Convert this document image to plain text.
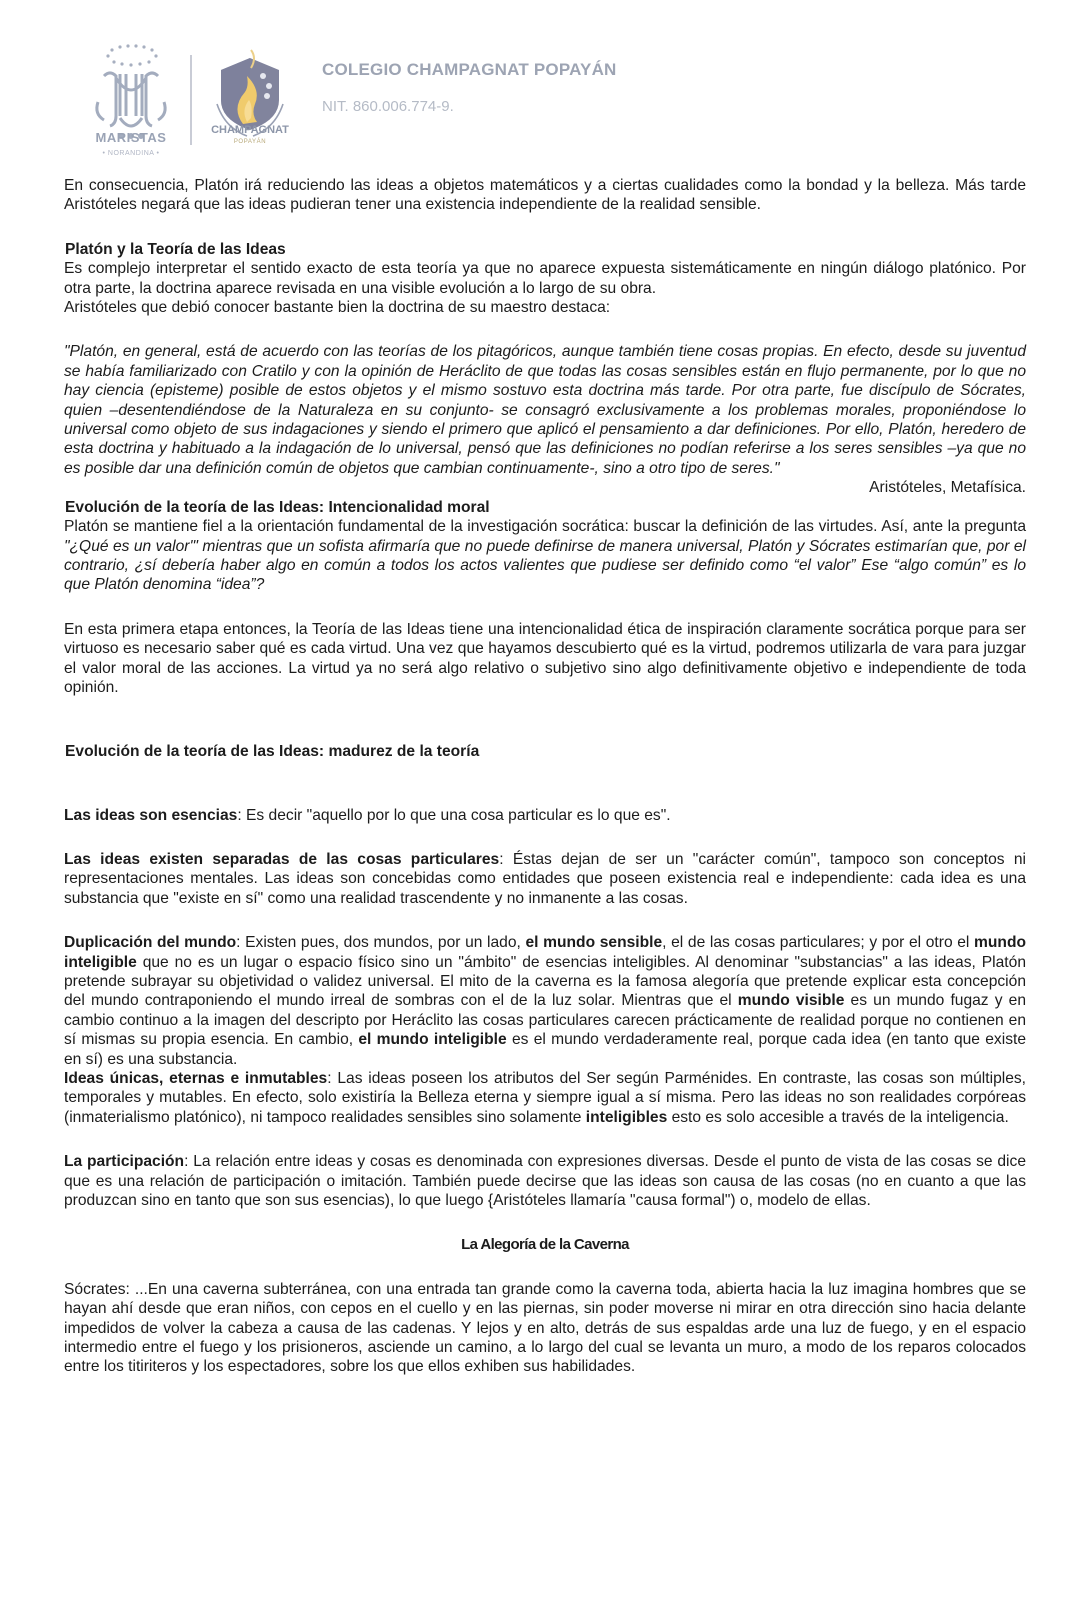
MARISTAS
• NORANDINA •
CHAMPAGNAT
POPAYÁN
COLEGIO CHAMPAGNAT POPAYÁN
NIT. 860.006.774-9.

En consecuencia, Platón irá reduciendo las ideas a objetos matemáticos y a ciertas cualidades como la bondad y la belleza. Más tarde Aristóteles negará que las ideas pudieran tener una existencia independiente de la realidad sensible.

Platón y la Teoría de las Ideas

Es complejo interpretar el sentido exacto de esta teoría ya que no aparece expuesta sistemáticamente en ningún diálogo platónico. Por otra parte, la doctrina aparece revisada en una visible evolución a lo largo de su obra.

Aristóteles que debió conocer bastante bien la doctrina de su maestro destaca:

"Platón, en general, está de acuerdo con las teorías de los pitagóricos, aunque también tiene cosas propias. En efecto, desde su juventud se había familiarizado con Cratilo y con la opinión de Heráclito de que todas las cosas sensibles están en flujo permanente, por lo que no hay ciencia (episteme) posible de estos objetos y el mismo sostuvo esta doctrina más tarde. Por otra parte, fue discípulo de Sócrates, quien –desentendiéndose de la Naturaleza en su conjunto- se consagró exclusivamente a los problemas morales, proponiéndose lo universal como objeto de sus indagaciones y siendo el primero que aplicó el pensamiento a dar definiciones. Por ello, Platón, heredero de esta doctrina y habituado a la indagación de lo universal, pensó que las definiciones no podían referirse a los seres sensibles –ya que no es posible dar una definición común de objetos que cambian continuamente-, sino a otro tipo de seres."

Aristóteles, Metafísica.

Evolución de la teoría de las Ideas: Intencionalidad moral

Platón se mantiene fiel a la orientación fundamental de la investigación socrática: buscar la definición de las virtudes. Así, ante la pregunta "¿Qué es un valor'" mientras que un sofista afirmaría que no puede definirse de manera universal, Platón y Sócrates estimarían que, por el contrario, ¿sí debería haber algo en común a todos los actos valientes que pudiese ser definido como “el valor” Ese “algo común” es lo que Platón denomina “idea”?

En esta primera etapa entonces, la Teoría de las Ideas tiene una intencionalidad ética de inspiración claramente socrática porque para ser virtuoso es necesario saber qué es cada virtud. Una vez que hayamos descubierto qué es la virtud, podremos utilizarla de vara para juzgar el valor moral de las acciones. La virtud ya no será algo relativo o subjetivo sino algo definitivamente objetivo e independiente de toda opinión.

Evolución de la teoría de las Ideas: madurez de la teoría

Las ideas son esencias: Es decir "aquello por lo que una cosa particular es lo que es".

Las ideas existen separadas de las cosas particulares: Éstas dejan de ser un "carácter común", tampoco son conceptos ni representaciones mentales. Las ideas son concebidas como entidades que poseen existencia real e independiente: cada idea es una substancia que "existe en sí" como una realidad trascendente y no inmanente a las cosas.

Duplicación del mundo: Existen pues, dos mundos, por un lado, el mundo sensible, el de las cosas particulares; y por el otro el mundo inteligible que no es un lugar o espacio físico sino un "ámbito" de esencias inteligibles. Al denominar "substancias" a las ideas, Platón pretende subrayar su objetividad o validez universal. El mito de la caverna es la famosa alegoría que pretende explicar esta concepción del mundo contraponiendo el mundo irreal de sombras con el de la luz solar. Mientras que el mundo visible es un mundo fugaz y en cambio continuo a la imagen del descripto por Heráclito las cosas particulares carecen prácticamente de realidad porque no contienen en sí mismas su propia esencia. En cambio, el mundo inteligible es el mundo verdaderamente real, porque cada idea (en tanto que existe en sí) es una substancia.

Ideas únicas, eternas e inmutables: Las ideas poseen los atributos del Ser según Parménides. En contraste, las cosas son múltiples, temporales y mutables. En efecto, solo existiría la Belleza eterna y siempre igual a sí misma. Pero las ideas no son realidades corpóreas (inmaterialismo platónico), ni tampoco realidades sensibles sino solamente inteligibles esto es solo accesible a través de la inteligencia.

La participación: La relación entre ideas y cosas es denominada con expresiones diversas. Desde el punto de vista de las cosas se dice que es una relación de participación o imitación. También puede decirse que las ideas son causa de las cosas (no en cuanto a que las produzcan sino en tanto que son sus esencias), lo que luego {Aristóteles llamaría "causa formal") o, modelo de ellas.

La Alegoría de la Caverna

Sócrates: ...En una caverna subterránea, con una entrada tan grande como la caverna toda, abierta hacia la luz imagina hombres que se hayan ahí desde que eran niños, con cepos en el cuello y en las piernas, sin poder moverse ni mirar en otra dirección sino hacia delante impedidos de volver la cabeza a causa de las cadenas. Y lejos y en alto, detrás de sus espaldas arde una luz de fuego, y en el espacio intermedio entre el fuego y los prisioneros, asciende un camino, a lo largo del cual se levanta un muro, a modo de los reparos colocados entre los titiriteros y los espectadores, sobre los que ellos exhiben sus habilidades.
